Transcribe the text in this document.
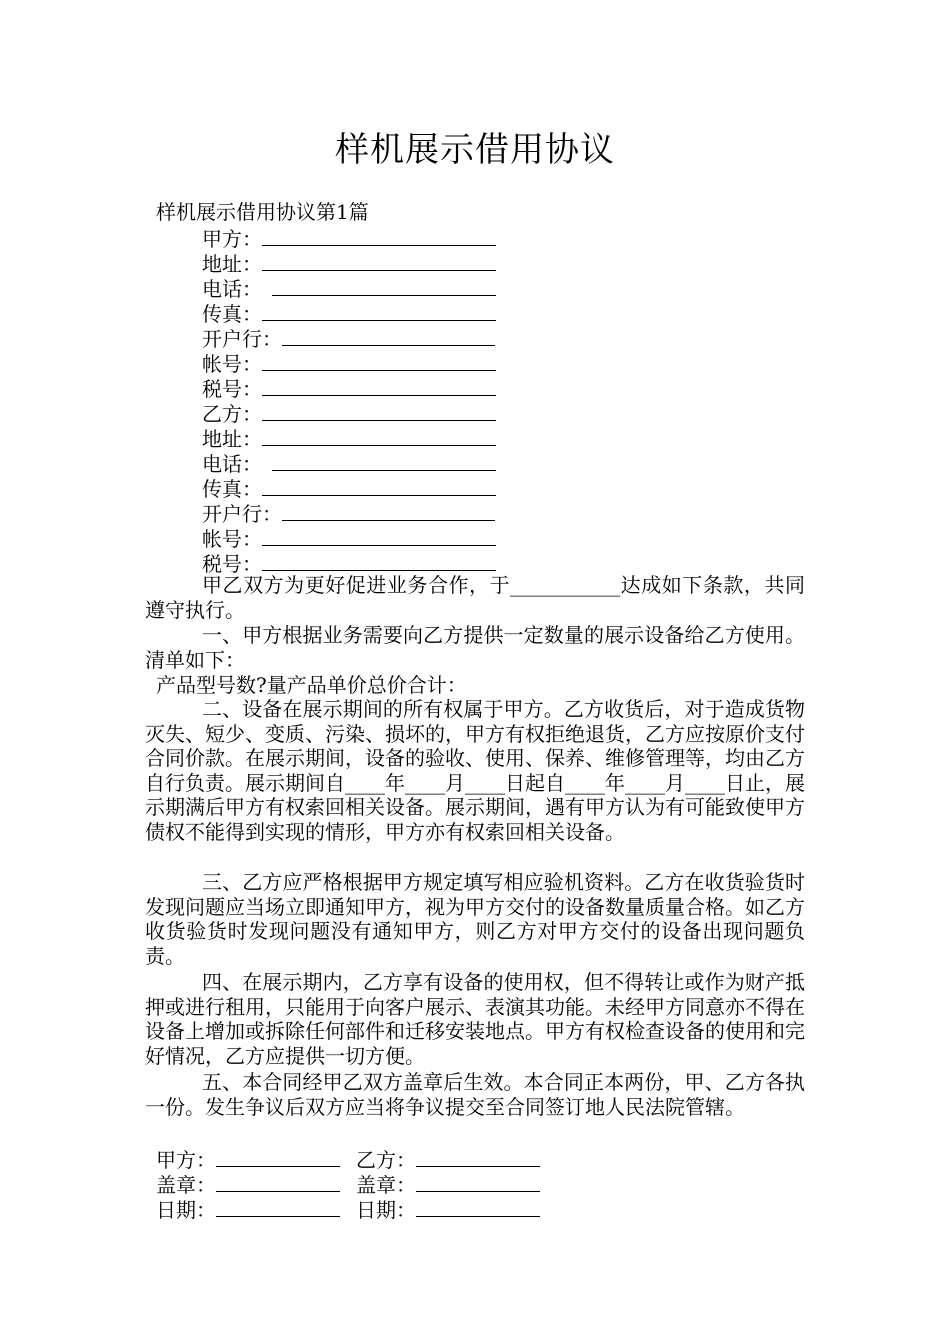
样机展示借用协议
样机展示借用协议第1篇
甲方：
地址：
电话：
传真：
开户行：
帐号：
税号：
乙方：
地址：
电话：
传真：
开户行：
帐号：
税号：
甲乙双方为更好促进业务合作，于___________达成如下条款，共同遵守执行。
一、甲方根据业务需要向乙方提供一定数量的展示设备给乙方使用。清单如下：
产品型号数?量产品单价总价合计：
二、设备在展示期间的所有权属于甲方。乙方收货后，对于造成货物灭失、短少、变质、污染、损坏的，甲方有权拒绝退货，乙方应按原价支付合同价款。在展示期间，设备的验收、使用、保养、维修管理等，均由乙方自行负责。展示期间自____年____月____日起自____年____月____日止，展示期满后甲方有权索回相关设备。展示期间，遇有甲方认为有可能致使甲方债权不能得到实现的情形，甲方亦有权索回相关设备。
三、乙方应严格根据甲方规定填写相应验机资料。乙方在收货验货时发现问题应当场立即通知甲方，视为甲方交付的设备数量质量合格。如乙方收货验货时发现问题没有通知甲方，则乙方对甲方交付的设备出现问题负责。
四、在展示期内，乙方享有设备的使用权，但不得转让或作为财产抵押或进行租用，只能用于向客户展示、表演其功能。未经甲方同意亦不得在设备上增加或拆除任何部件和迁移安装地点。甲方有权检查设备的使用和完好情况，乙方应提供一切方便。
五、本合同经甲乙双方盖章后生效。本合同正本两份，甲、乙方各执一份。发生争议后双方应当将争议提交至合同签订地人民法院管辖。
甲方：	乙方：
盖章：	盖章：
日期：	日期：
